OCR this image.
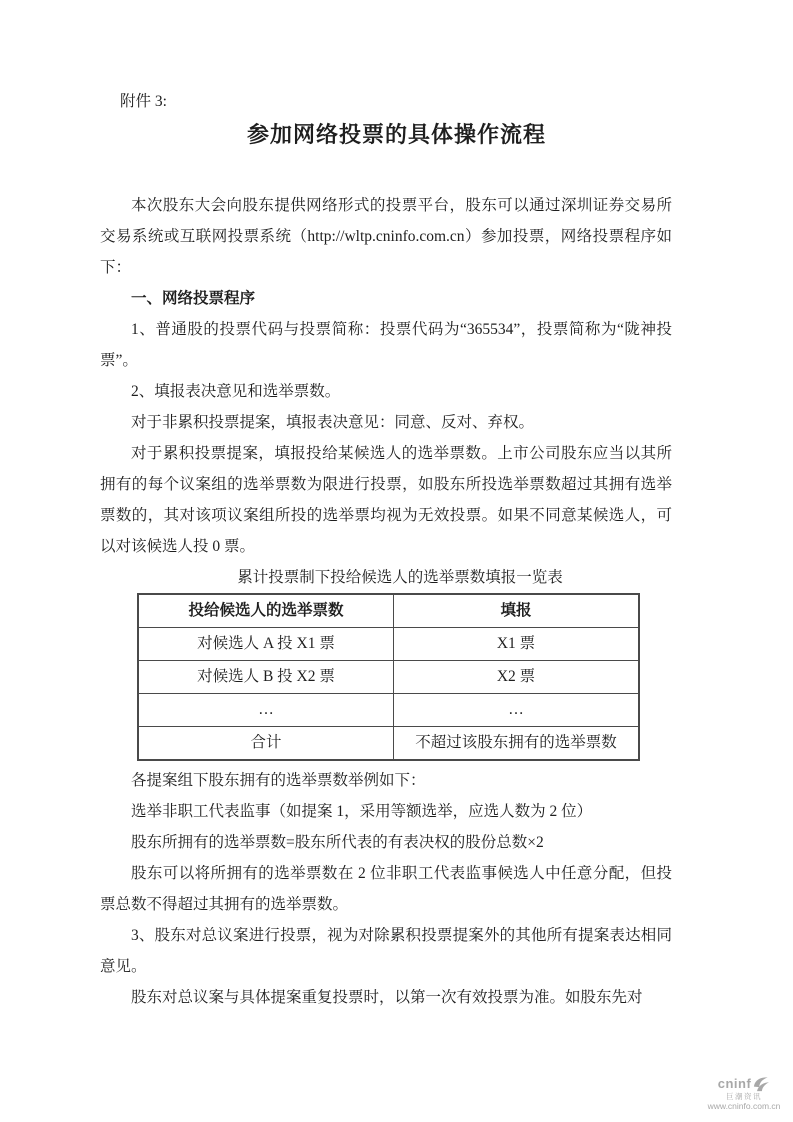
附件 3:
参加网络投票的具体操作流程

本次股东大会向股东提供网络形式的投票平台，股东可以通过深圳证券交易所交易系统或互联网投票系统（http://wltp.cninfo.com.cn）参加投票，网络投票程序如下：

一、网络投票程序

1、普通股的投票代码与投票简称：投票代码为“365534”，投票简称为“陇神投票”。

2、填报表决意见和选举票数。

对于非累积投票提案，填报表决意见：同意、反对、弃权。

对于累积投票提案，填报投给某候选人的选举票数。上市公司股东应当以其所拥有的每个议案组的选举票数为限进行投票，如股东所投选举票数超过其拥有选举票数的，其对该项议案组所投的选举票均视为无效投票。如果不同意某候选人，可以对该候选人投 0 票。

累计投票制下投给候选人的选举票数填报一览表

投给候选人的选举票数	填报
对候选人 A 投 X1 票	X1 票
对候选人 B 投 X2 票	X2 票
…	…
合计	不超过该股东拥有的选举票数

各提案组下股东拥有的选举票数举例如下：

选举非职工代表监事（如提案 1，采用等额选举，应选人数为 2 位）

股东所拥有的选举票数=股东所代表的有表决权的股份总数×2

股东可以将所拥有的选举票数在 2 位非职工代表监事候选人中任意分配，但投票总数不得超过其拥有的选举票数。

3、股东对总议案进行投票，视为对除累积投票提案外的其他所有提案表达相同意见。

股东对总议案与具体提案重复投票时，以第一次有效投票为准。如股东先对

cninf
巨潮资讯
www.cninfo.com.cn
